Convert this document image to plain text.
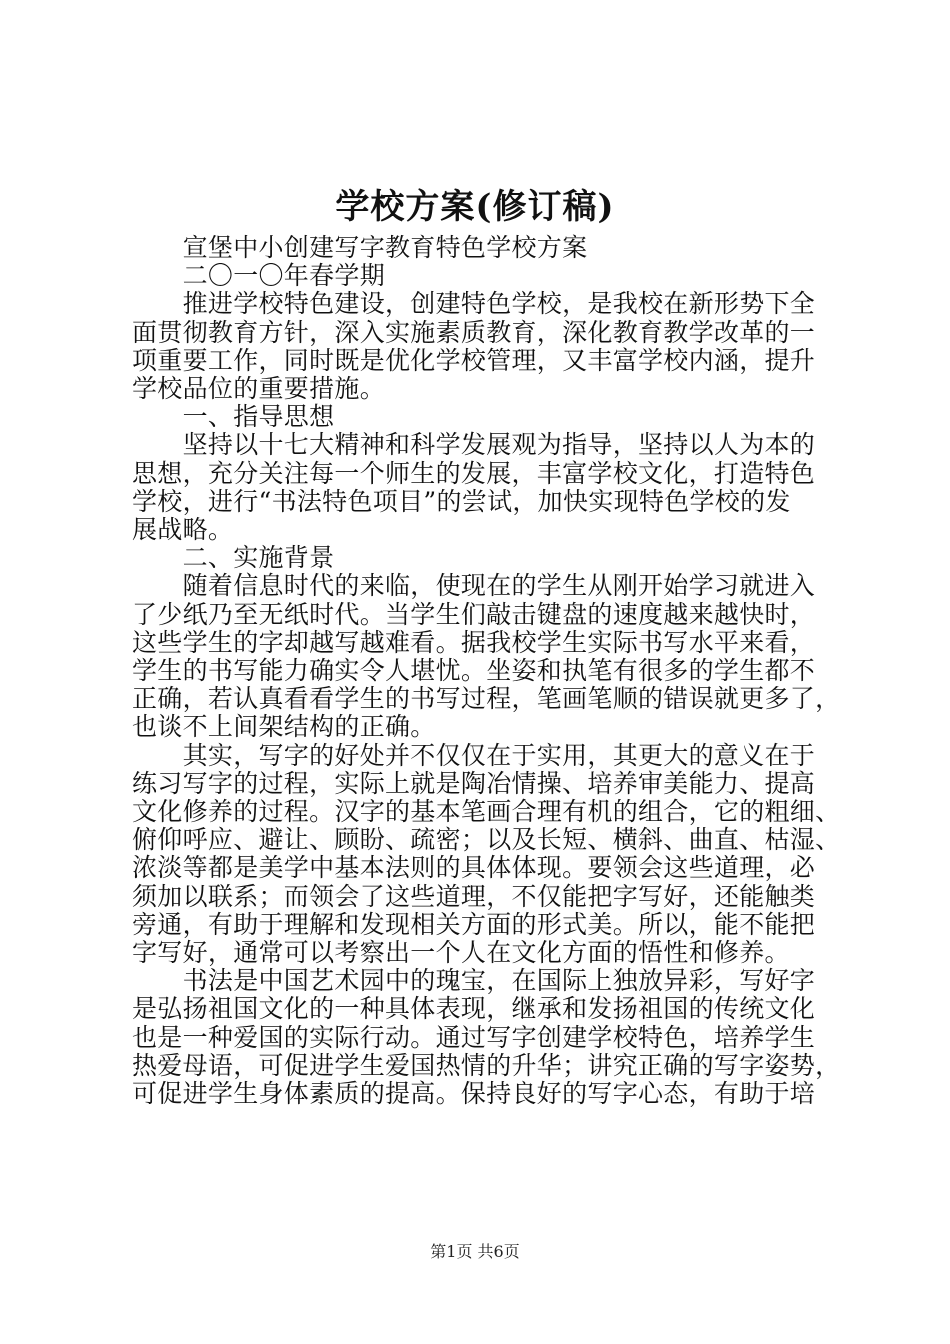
学校方案(修订稿)
　　宣堡中小创建写字教育特色学校方案
　　二〇一〇年春学期
　　推进学校特色建设，创建特色学校，是我校在新形势下全
面贯彻教育方针，深入实施素质教育，深化教育教学改革的一
项重要工作，同时既是优化学校管理，又丰富学校内涵，提升
学校品位的重要措施。
　　一、指导思想
　　坚持以十七大精神和科学发展观为指导，坚持以人为本的
思想，充分关注每一个师生的发展，丰富学校文化，打造特色
学校，进行“书法特色项目”的尝试，加快实现特色学校的发
展战略。
　　二、实施背景
　　随着信息时代的来临，使现在的学生从刚开始学习就进入
了少纸乃至无纸时代。当学生们敲击键盘的速度越来越快时，
这些学生的字却越写越难看。据我校学生实际书写水平来看，
学生的书写能力确实令人堪忧。坐姿和执笔有很多的学生都不
正确，若认真看看学生的书写过程，笔画笔顺的错误就更多了，
也谈不上间架结构的正确。
　　其实，写字的好处并不仅仅在于实用，其更大的意义在于
练习写字的过程，实际上就是陶冶情操、培养审美能力、提高
文化修养的过程。汉字的基本笔画合理有机的组合，它的粗细、
俯仰呼应、避让、顾盼、疏密；以及长短、横斜、曲直、枯湿、
浓淡等都是美学中基本法则的具体体现。要领会这些道理，必
须加以联系；而领会了这些道理，不仅能把字写好，还能触类
旁通，有助于理解和发现相关方面的形式美。所以，能不能把
字写好，通常可以考察出一个人在文化方面的悟性和修养。
　　书法是中国艺术园中的瑰宝，在国际上独放异彩，写好字
是弘扬祖国文化的一种具体表现，继承和发扬祖国的传统文化
也是一种爱国的实际行动。通过写字创建学校特色，培养学生
热爱母语，可促进学生爱国热情的升华；讲究正确的写字姿势，
可促进学生身体素质的提高。保持良好的写字心态，有助于培
第1页 共6页
